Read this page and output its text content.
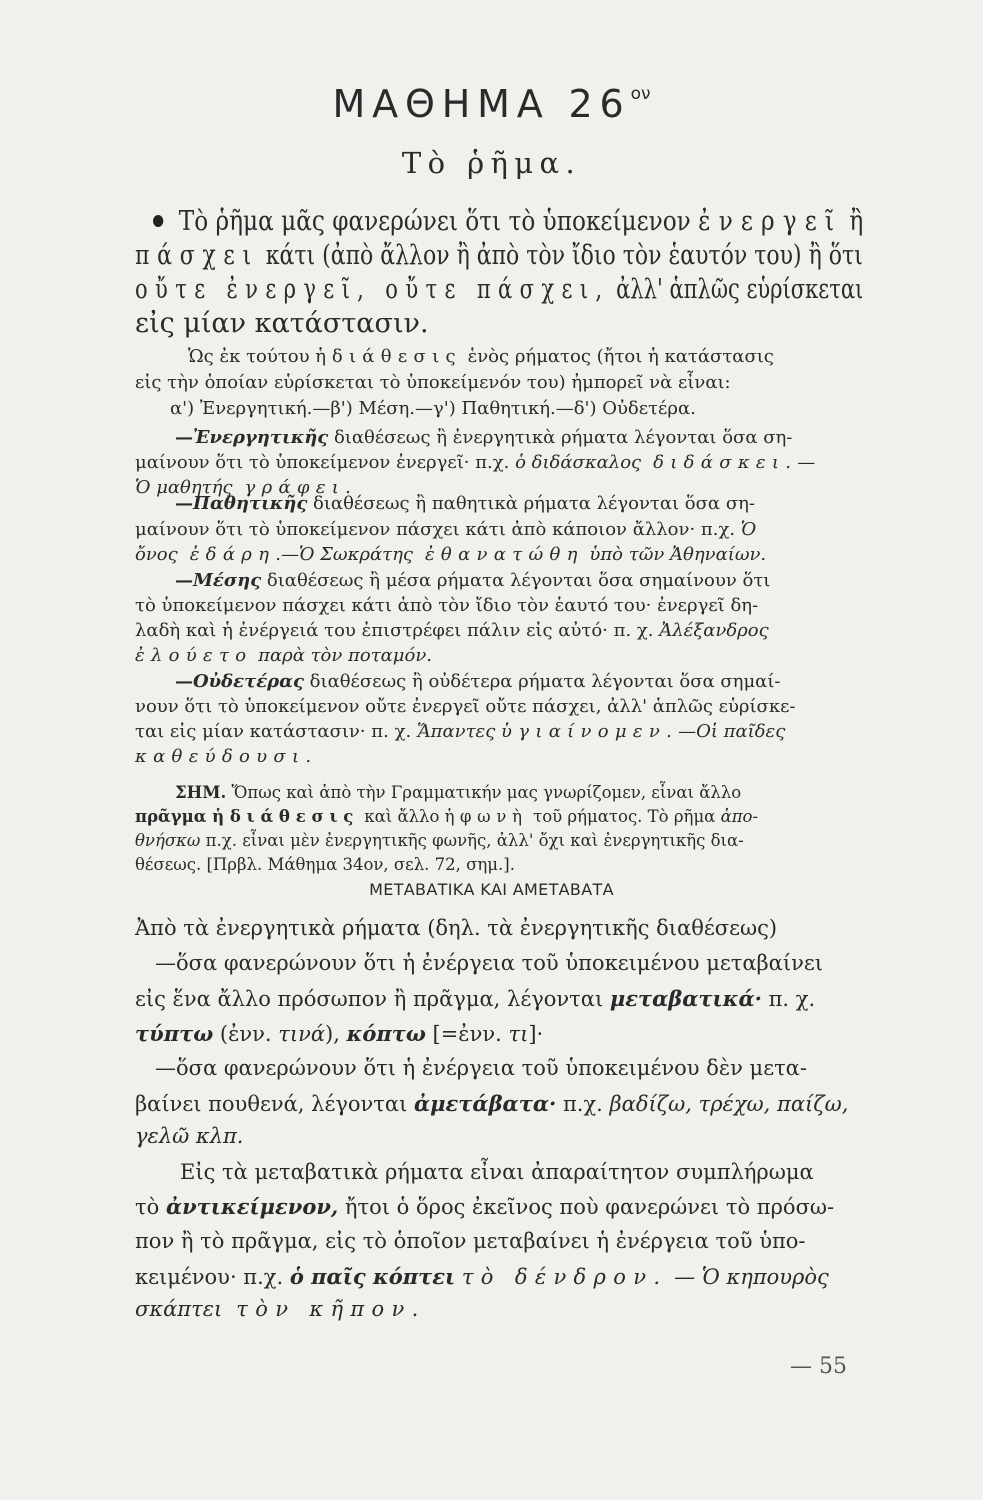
ΜΑΘΗΜΑ $26^{o\nu}$
Τὸ ῥῆμα.
Τὸ ῥῆμα μᾶς φανερώνει ὅτι τὸ ὑποκείμενον ἐνεργεῖ ἢ
πάσχει κάτι (ἀπὸ ἄλλον ἢ ἀπὸ τὸν ἴδιο τὸν ἑαυτόν του) ἢ ὅτι
οὔτε ἐνεργεῖ, οὔτε πάσχει, ἀλλ' ἁπλῶς εὑρίσκεται
εἰς μίαν κατάστασιν.
Ὡς ἐκ τούτου ἡ διάθεσις ἑνὸς ρήματος (ἤτοι ἡ κατάστασις
εἰς τὴν ὁποίαν εὑρίσκεται τὸ ὑποκείμενόν του) ἠμπορεῖ νὰ εἶναι:
α') Ἐνεργητική.—β') Μέση.—γ') Παθητική.—δ') Οὐδετέρα.
—Ἐνεργητικῆς διαθέσεως ἢ ἐνεργητικὰ ρήματα λέγονται ὅσα ση-
μαίνουν ὅτι τὸ ὑποκείμενον ἐνεργεῖ· π.χ. ὁ διδάσκαλος διδάσκει.—
Ὁ μαθητής γράφει.
—Παθητικῆς διαθέσεως ἢ παθητικὰ ρήματα λέγονται ὅσα ση-
μαίνουν ὅτι τὸ ὑποκείμενον πάσχει κάτι ἀπὸ κάποιον ἄλλον· π.χ. Ὁ
ὄνος ἐδάρη.—Ὁ Σωκράτης ἐθανατώθη ὑπὸ τῶν Ἀθηναίων.
—Μέσης διαθέσεως ἢ μέσα ρήματα λέγονται ὅσα σημαίνουν ὅτι
τὸ ὑποκείμενον πάσχει κάτι ἀπὸ τὸν ἴδιο τὸν ἑαυτό του· ἐνεργεῖ δη-
λαδὴ καὶ ἡ ἐνέργειά του ἐπιστρέφει πάλιν εἰς αὐτό· π. χ. Ἀλέξανδρος
ἐλούετο παρὰ τὸν ποταμόν.
—Οὐδετέρας διαθέσεως ἢ οὐδέτερα ρήματα λέγονται ὅσα σημαί-
νουν ὅτι τὸ ὑποκείμενον οὔτε ἐνεργεῖ οὔτε πάσχει, ἀλλ' ἁπλῶς εὑρίσκε-
ται εἰς μίαν κατάστασιν· π. χ. Ἅπαντες ὑγιαίνομεν.—Οἱ παῖδες
καθεύδουσι.
ΣΗΜ. Ὅπως καὶ ἀπὸ τὴν Γραμματικήν μας γνωρίζομεν, εἶναι ἄλλο
πρᾶγμα ἡ διάθεσις καὶ ἄλλο ἡ φωνὴ τοῦ ρήματος. Τὸ ρῆμα ἀπο-
θνήσκω π.χ. εἶναι μὲν ἐνεργητικῆς φωνῆς, ἀλλ' ὄχι καὶ ἐνεργητικῆς δια-
θέσεως. [Πρβλ. Μάθημα 34ον, σελ. 72, σημ.].
ΜΕΤΑΒΑΤΙΚΑ ΚΑΙ ΑΜΕΤΑΒΑΤΑ
Ἀπὸ τὰ ἐνεργητικὰ ρήματα (δηλ. τὰ ἐνεργητικῆς διαθέσεως)
—ὅσα φανερώνουν ὅτι ἡ ἐνέργεια τοῦ ὑποκειμένου μεταβαίνει
εἰς ἕνα ἄλλο πρόσωπον ἢ πρᾶγμα, λέγονται μεταβατικά· π. χ.
τύπτω (ἐνν. τινά), κόπτω [=ἐνν. τι]·
—ὅσα φανερώνουν ὅτι ἡ ἐνέργεια τοῦ ὑποκειμένου δὲν μετα-
βαίνει πουθενά, λέγονται ἀμετάβατα· π.χ. βαδίζω, τρέχω, παίζω,
γελῶ κλπ.
Εἰς τὰ μεταβατικὰ ρήματα εἶναι ἀπαραίτητον συμπλήρωμα
τὸ ἀντικείμενον, ἤτοι ὁ ὅρος ἐκεῖνος ποὺ φανερώνει τὸ πρόσω-
πον ἢ τὸ πρᾶγμα, εἰς τὸ ὁποῖον μεταβαίνει ἡ ἐνέργεια τοῦ ὑπο-
κειμένου· π.χ. ὁ παῖς κόπτει τὸ δένδρον. — Ὁ κηπουρὸς
σκάπτει τὸν κῆπον.
— 55
